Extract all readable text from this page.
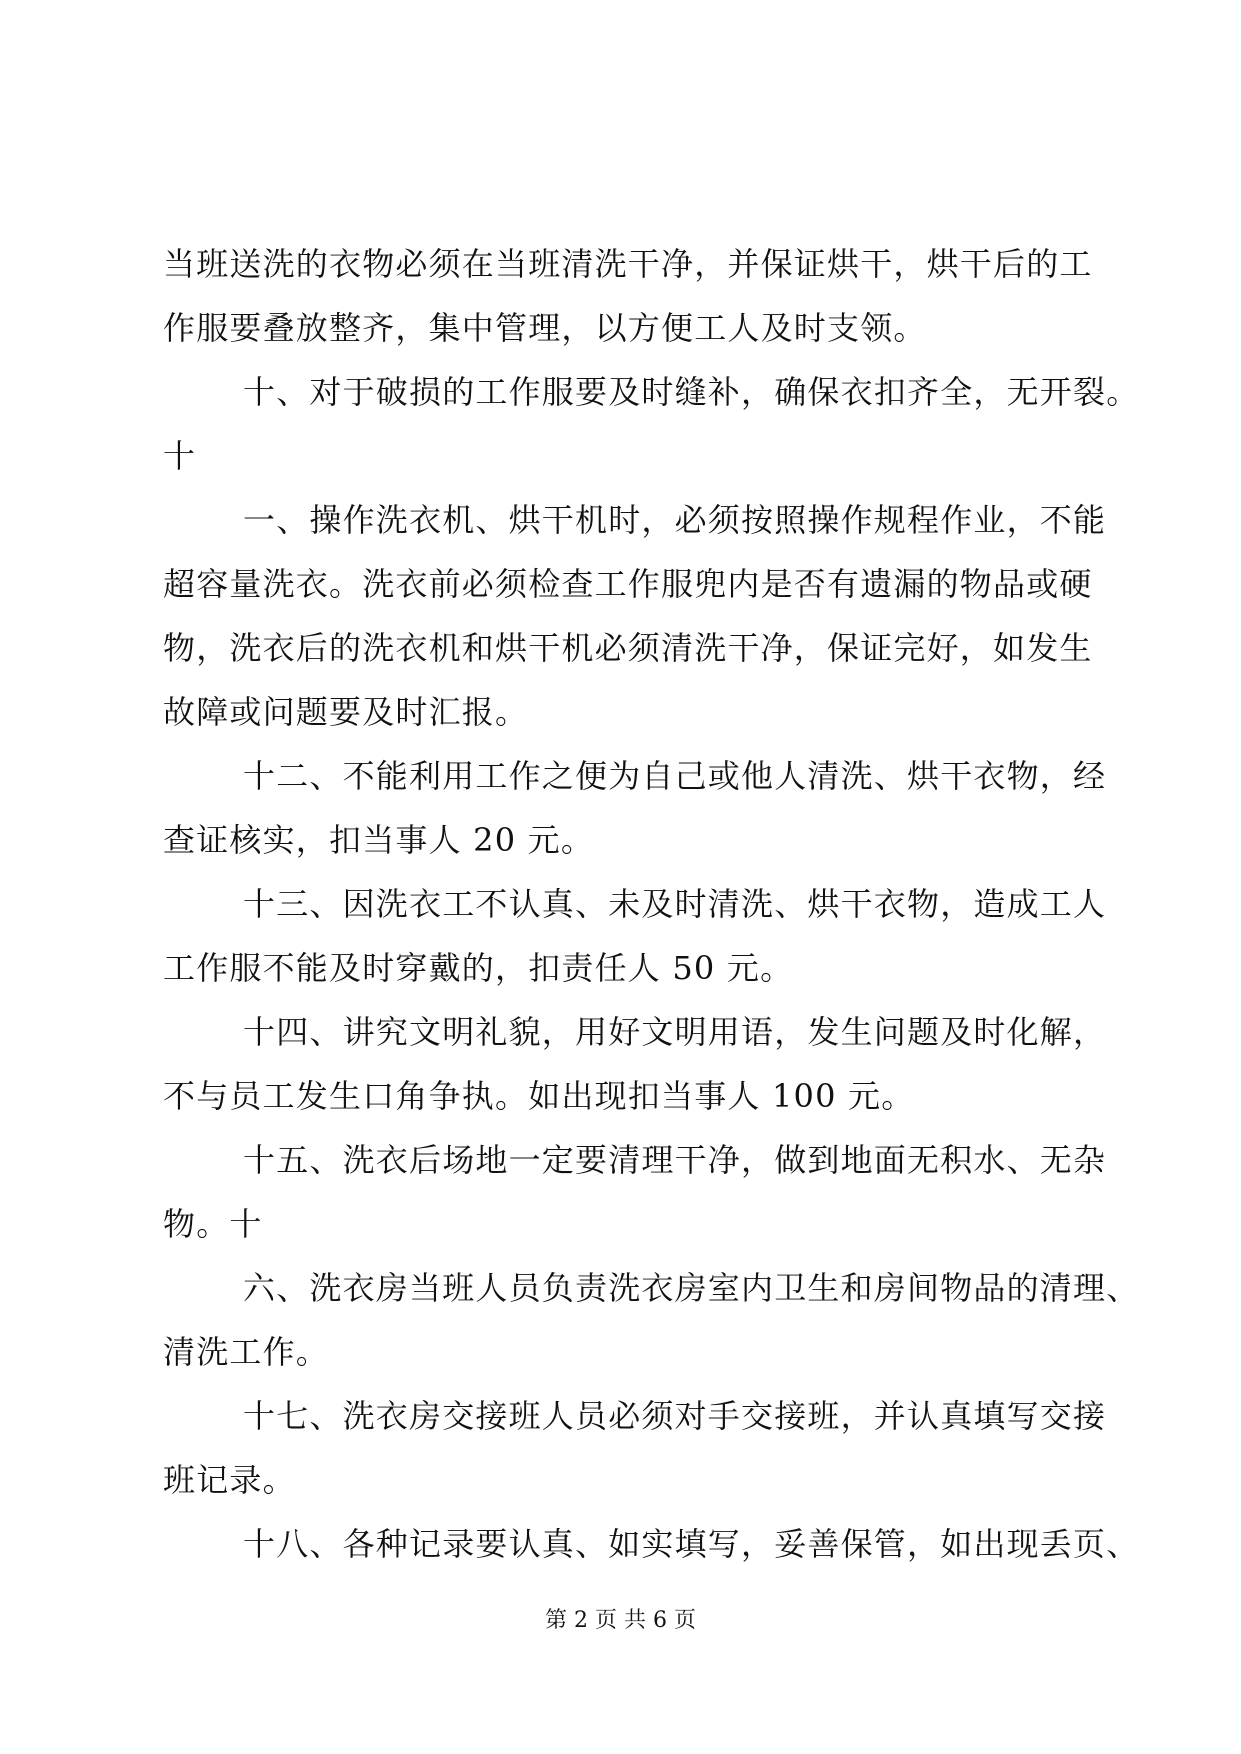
当班送洗的衣物必须在当班清洗干净，并保证烘干，烘干后的工
作服要叠放整齐，集中管理，以方便工人及时支领。
十、对于破损的工作服要及时缝补，确保衣扣齐全，无开裂。
十
一、操作洗衣机、烘干机时，必须按照操作规程作业，不能
超容量洗衣。洗衣前必须检查工作服兜内是否有遗漏的物品或硬
物，洗衣后的洗衣机和烘干机必须清洗干净，保证完好，如发生
故障或问题要及时汇报。
十二、不能利用工作之便为自己或他人清洗、烘干衣物，经
查证核实，扣当事人 20 元。
十三、因洗衣工不认真、未及时清洗、烘干衣物，造成工人
工作服不能及时穿戴的，扣责任人 50 元。
十四、讲究文明礼貌，用好文明用语，发生问题及时化解，
不与员工发生口角争执。如出现扣当事人 100 元。
十五、洗衣后场地一定要清理干净，做到地面无积水、无杂
物。十
六、洗衣房当班人员负责洗衣房室内卫生和房间物品的清理、
清洗工作。
十七、洗衣房交接班人员必须对手交接班，并认真填写交接
班记录。
十八、各种记录要认真、如实填写，妥善保管，如出现丢页、
第 2 页 共 6 页
